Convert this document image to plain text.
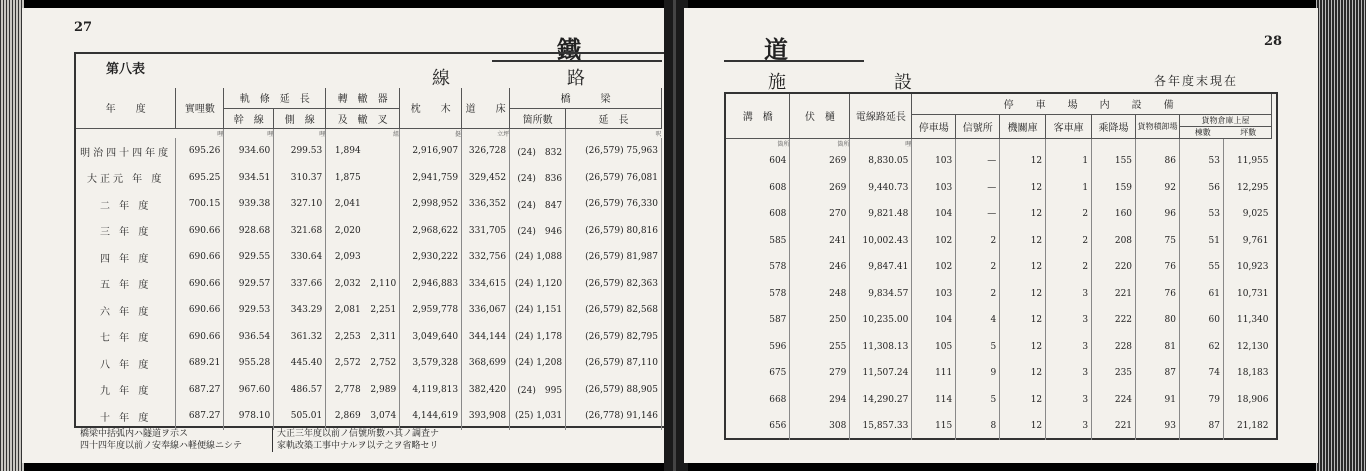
27
鐵
第八表	線	路
年　　度	實哩數	軌　條　延　長		轉　轍　器		枕　　木	道　　床	橋　　　梁	
		幹　線	側　線	及　轍　叉				箇所數	延　長
	哩	哩	哩	組		挺	立坪		呎
明治四十四年度	695.26	934.60	299.53	1,894		2,916,907	326,728	(24)　832	(26,579) 75,963
大正元 年 度	695.25	934.51	310.37	1,875		2,941,759	329,452	(24)　836	(26,579) 76,081
二 年 度	700.15	939.38	327.10	2,041		2,998,952	336,352	(24)　847	(26,579) 76,330
三 年 度	690.66	928.68	321.68	2,020		2,968,622	331,705	(24)　946	(26,579) 80,816
四 年 度	690.66	929.55	330.64	2,093		2,930,222	332,756	(24) 1,088	(26,579) 81,987
五 年 度	690.66	929.57	337.66	2,032	2,110	2,946,883	334,615	(24) 1,120	(26,579) 82,363
六 年 度	690.66	929.53	343.29	2,081	2,251	2,959,778	336,067	(24) 1,151	(26,579) 82,568
七 年 度	690.66	936.54	361.32	2,253	2,311	3,049,640	344,144	(24) 1,178	(26,579) 82,795
八 年 度	689.21	955.28	445.40	2,572	2,752	3,579,328	368,699	(24) 1,208	(26,579) 87,110
九 年 度	687.27	967.60	486.57	2,778	2,989	4,119,813	382,420	(24)　995	(26,579) 88,905
十 年 度	687.27	978.10	505.01	2,869	3,074	4,144,619	393,908	(25) 1,031	(26,778) 91,146
橋梁中括弧内ハ隧道ヲ示ス
四十四年度以前ノ安奉線ハ軽便線ニシテ
大正三年度以前ノ信號所數ハ其ノ調査ナ
家軌改築工事中ナルヲ以テ之ヲ省略セリ
28
道
施	設	各年度末現在
溝　橋	伏　樋	電線路延長	停　車　場　内　設　備							
			停車場	信號所	機關庫	客車庫	乘降場	貨物積卸場	貨物倉庫上屋
棟數 坪數	

箇所	箇所	哩								
604	269	8,830.05	103	—	12	1	155	86	53	11,955
608	269	9,440.73	103	—	12	1	159	92	56	12,295
608	270	9,821.48	104	—	12	2	160	96	53	9,025
585	241	10,002.43	102	2	12	2	208	75	51	9,761
578	246	9,847.41	102	2	12	2	220	76	55	10,923
578	248	9,834.57	103	2	12	3	221	76	61	10,731
587	250	10,235.00	104	4	12	3	222	80	60	11,340
596	255	11,308.13	105	5	12	3	228	81	62	12,130
675	279	11,507.24	111	9	12	3	235	87	74	18,183
668	294	14,290.27	114	5	12	3	224	91	79	18,906
656	308	15,857.33	115	8	12	3	221	93	87	21,182
